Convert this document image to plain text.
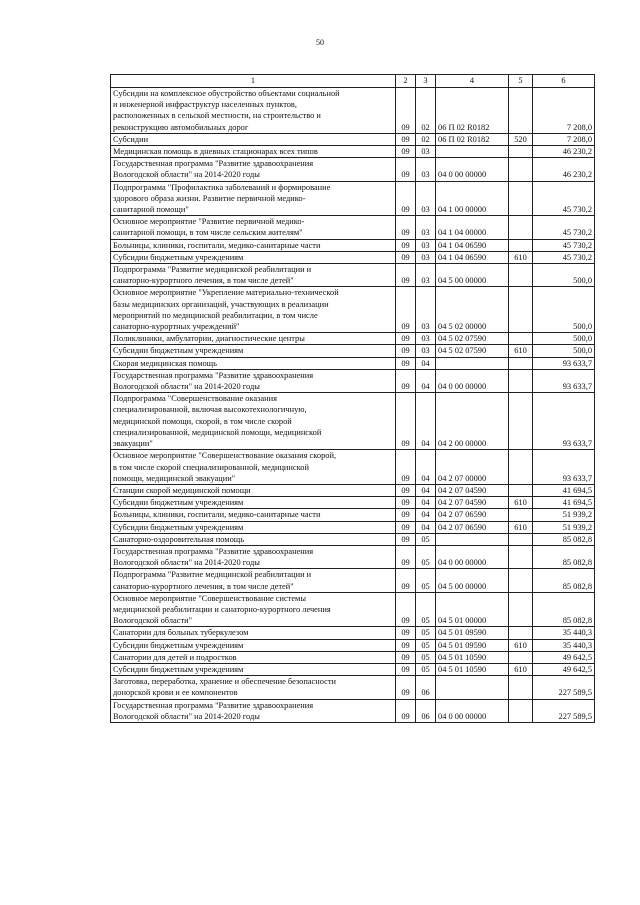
50
1	2	3	4	5	6
Субсидии на комплексное обустройство объектами социальной
и инженерной инфраструктур населенных пунктов,
расположенных в сельской местности, на строительство и
реконструкцию автомобильных дорог	09	02	06 П 02 R0182		7 208,0
Субсидии	09	02	06 П 02 R0182	520	7 208,0
Медицинская помощь в дневных стационарах всех типов	09	03			46 230,2
Государственная программа "Развитие здравоохранения
Вологодской области" на 2014-2020 годы	09	03	04 0 00 00000		46 230,2
Подпрограмма "Профилактика заболеваний и формирование
здорового образа жизни. Развитие первичной медико-
санитарной помощи"	09	03	04 1 00 00000		45 730,2
Основное мероприятие "Развитие первичной медико-
санитарной помощи, в том числе сельским жителям"	09	03	04 1 04 00000		45 730,2
Больницы, клиники, госпитали, медико-санитарные части	09	03	04 1 04 06590		45 730,2
Субсидии бюджетным учреждениям	09	03	04 1 04 06590	610	45 730,2
Подпрограмма "Развитие медицинской реабилитации и
санаторно-курортного лечения, в том числе детей"	09	03	04 5 00 00000		500,0
Основное мероприятие "Укрепление материально-технической
базы медицинских организаций, участвующих в реализации
мероприятий по медицинской реабилитации, в том числе
санаторно-курортных учреждений"	09	03	04 5 02 00000		500,0
Поликлиники, амбулатории, диагностические центры	09	03	04 5 02 07590		500,0
Субсидии бюджетным учреждениям	09	03	04 5 02 07590	610	500,0
Скорая медицинская помощь	09	04			93 633,7
Государственная программа "Развитие здравоохранения
Вологодской области" на 2014-2020 годы	09	04	04 0 00 00000		93 633,7
Подпрограмма "Совершенствование оказания
специализированной, включая высокотехнологичную,
медицинской помощи, скорой, в том числе скорой
специализированной, медицинской помощи, медицинской
эвакуации"	09	04	04 2 00 00000		93 633,7
Основное мероприятие "Совершенствование оказания скорой,
в том числе скорой специализированной, медицинской
помощи, медицинской эвакуации"	09	04	04 2 07 00000		93 633,7
Станции скорой медицинской помощи	09	04	04 2 07 04590		41 694,5
Субсидии бюджетным учреждениям	09	04	04 2 07 04590	610	41 694,5
Больницы, клиники, госпитали, медико-санитарные части	09	04	04 2 07 06590		51 939,2
Субсидии бюджетным учреждениям	09	04	04 2 07 06590	610	51 939,2
Санаторно-оздоровительная помощь	09	05			85 082,8
Государственная программа "Развитие здравоохранения
Вологодской области" на 2014-2020 годы	09	05	04 0 00 00000		85 082,8
Подпрограмма "Развитие медицинской реабилитации и
санаторно-курортного лечения, в том числе детей"	09	05	04 5 00 00000		85 082,8
Основное мероприятие "Совершенствование системы
медицинской реабилитации и санаторно-курортного лечения
Вологодской области"	09	05	04 5 01 00000		85 082,8
Санатории для больных туберкулезом	09	05	04 5 01 09590		35 440,3
Субсидии бюджетным учреждениям	09	05	04 5 01 09590	610	35 440,3
Санатории для детей и подростков	09	05	04 5 01 10590		49 642,5
Субсидии бюджетным учреждениям	09	05	04 5 01 10590	610	49 642,5
Заготовка, переработка, хранение и обеспечение безопасности
донорской крови и ее компонентов	09	06			227 589,5
Государственная программа "Развитие здравоохранения
Вологодской области" на 2014-2020 годы	09	06	04 0 00 00000		227 589,5
